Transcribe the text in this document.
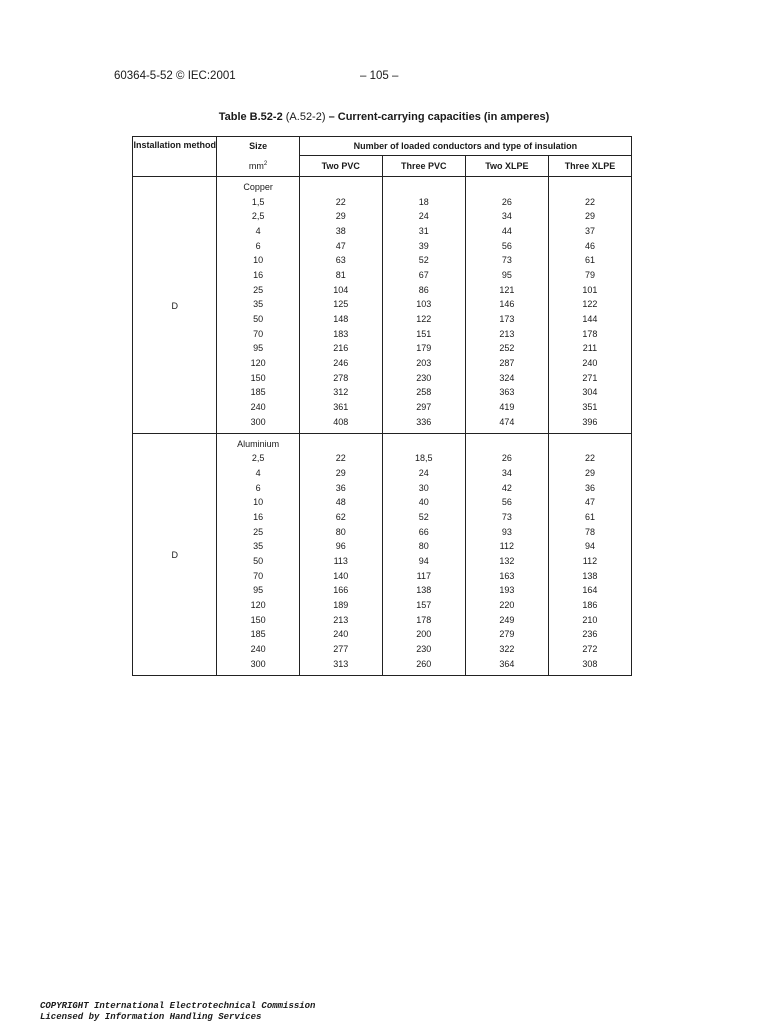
60364-5-52 © IEC:2001	– 105 –
Table B.52-2 (A.52-2) – Current-carrying capacities (in amperes)
Installation method	Size	Number of loaded conductors and type of insulation			
	$mm^2$	Two PVC	Three PVC	Two XLPE	Three XLPE
D	Copper				
	1,5	22	18	26	22
	2,5	29	24	34	29
	4	38	31	44	37
	6	47	39	56	46
	10	63	52	73	61
	16	81	67	95	79
	25	104	86	121	101
	35	125	103	146	122
	50	148	122	173	144
	70	183	151	213	178
	95	216	179	252	211
	120	246	203	287	240
	150	278	230	324	271
	185	312	258	363	304
	240	361	297	419	351
	300	408	336	474	396
D	Aluminium				
	2,5	22	18,5	26	22
	4	29	24	34	29
	6	36	30	42	36
	10	48	40	56	47
	16	62	52	73	61
	25	80	66	93	78
	35	96	80	112	94
	50	113	94	132	112
	70	140	117	163	138
	95	166	138	193	164
	120	189	157	220	186
	150	213	178	249	210
	185	240	200	279	236
	240	277	230	322	272
	300	313	260	364	308
COPYRIGHT International Electrotechnical Commission
Licensed by Information Handling Services
